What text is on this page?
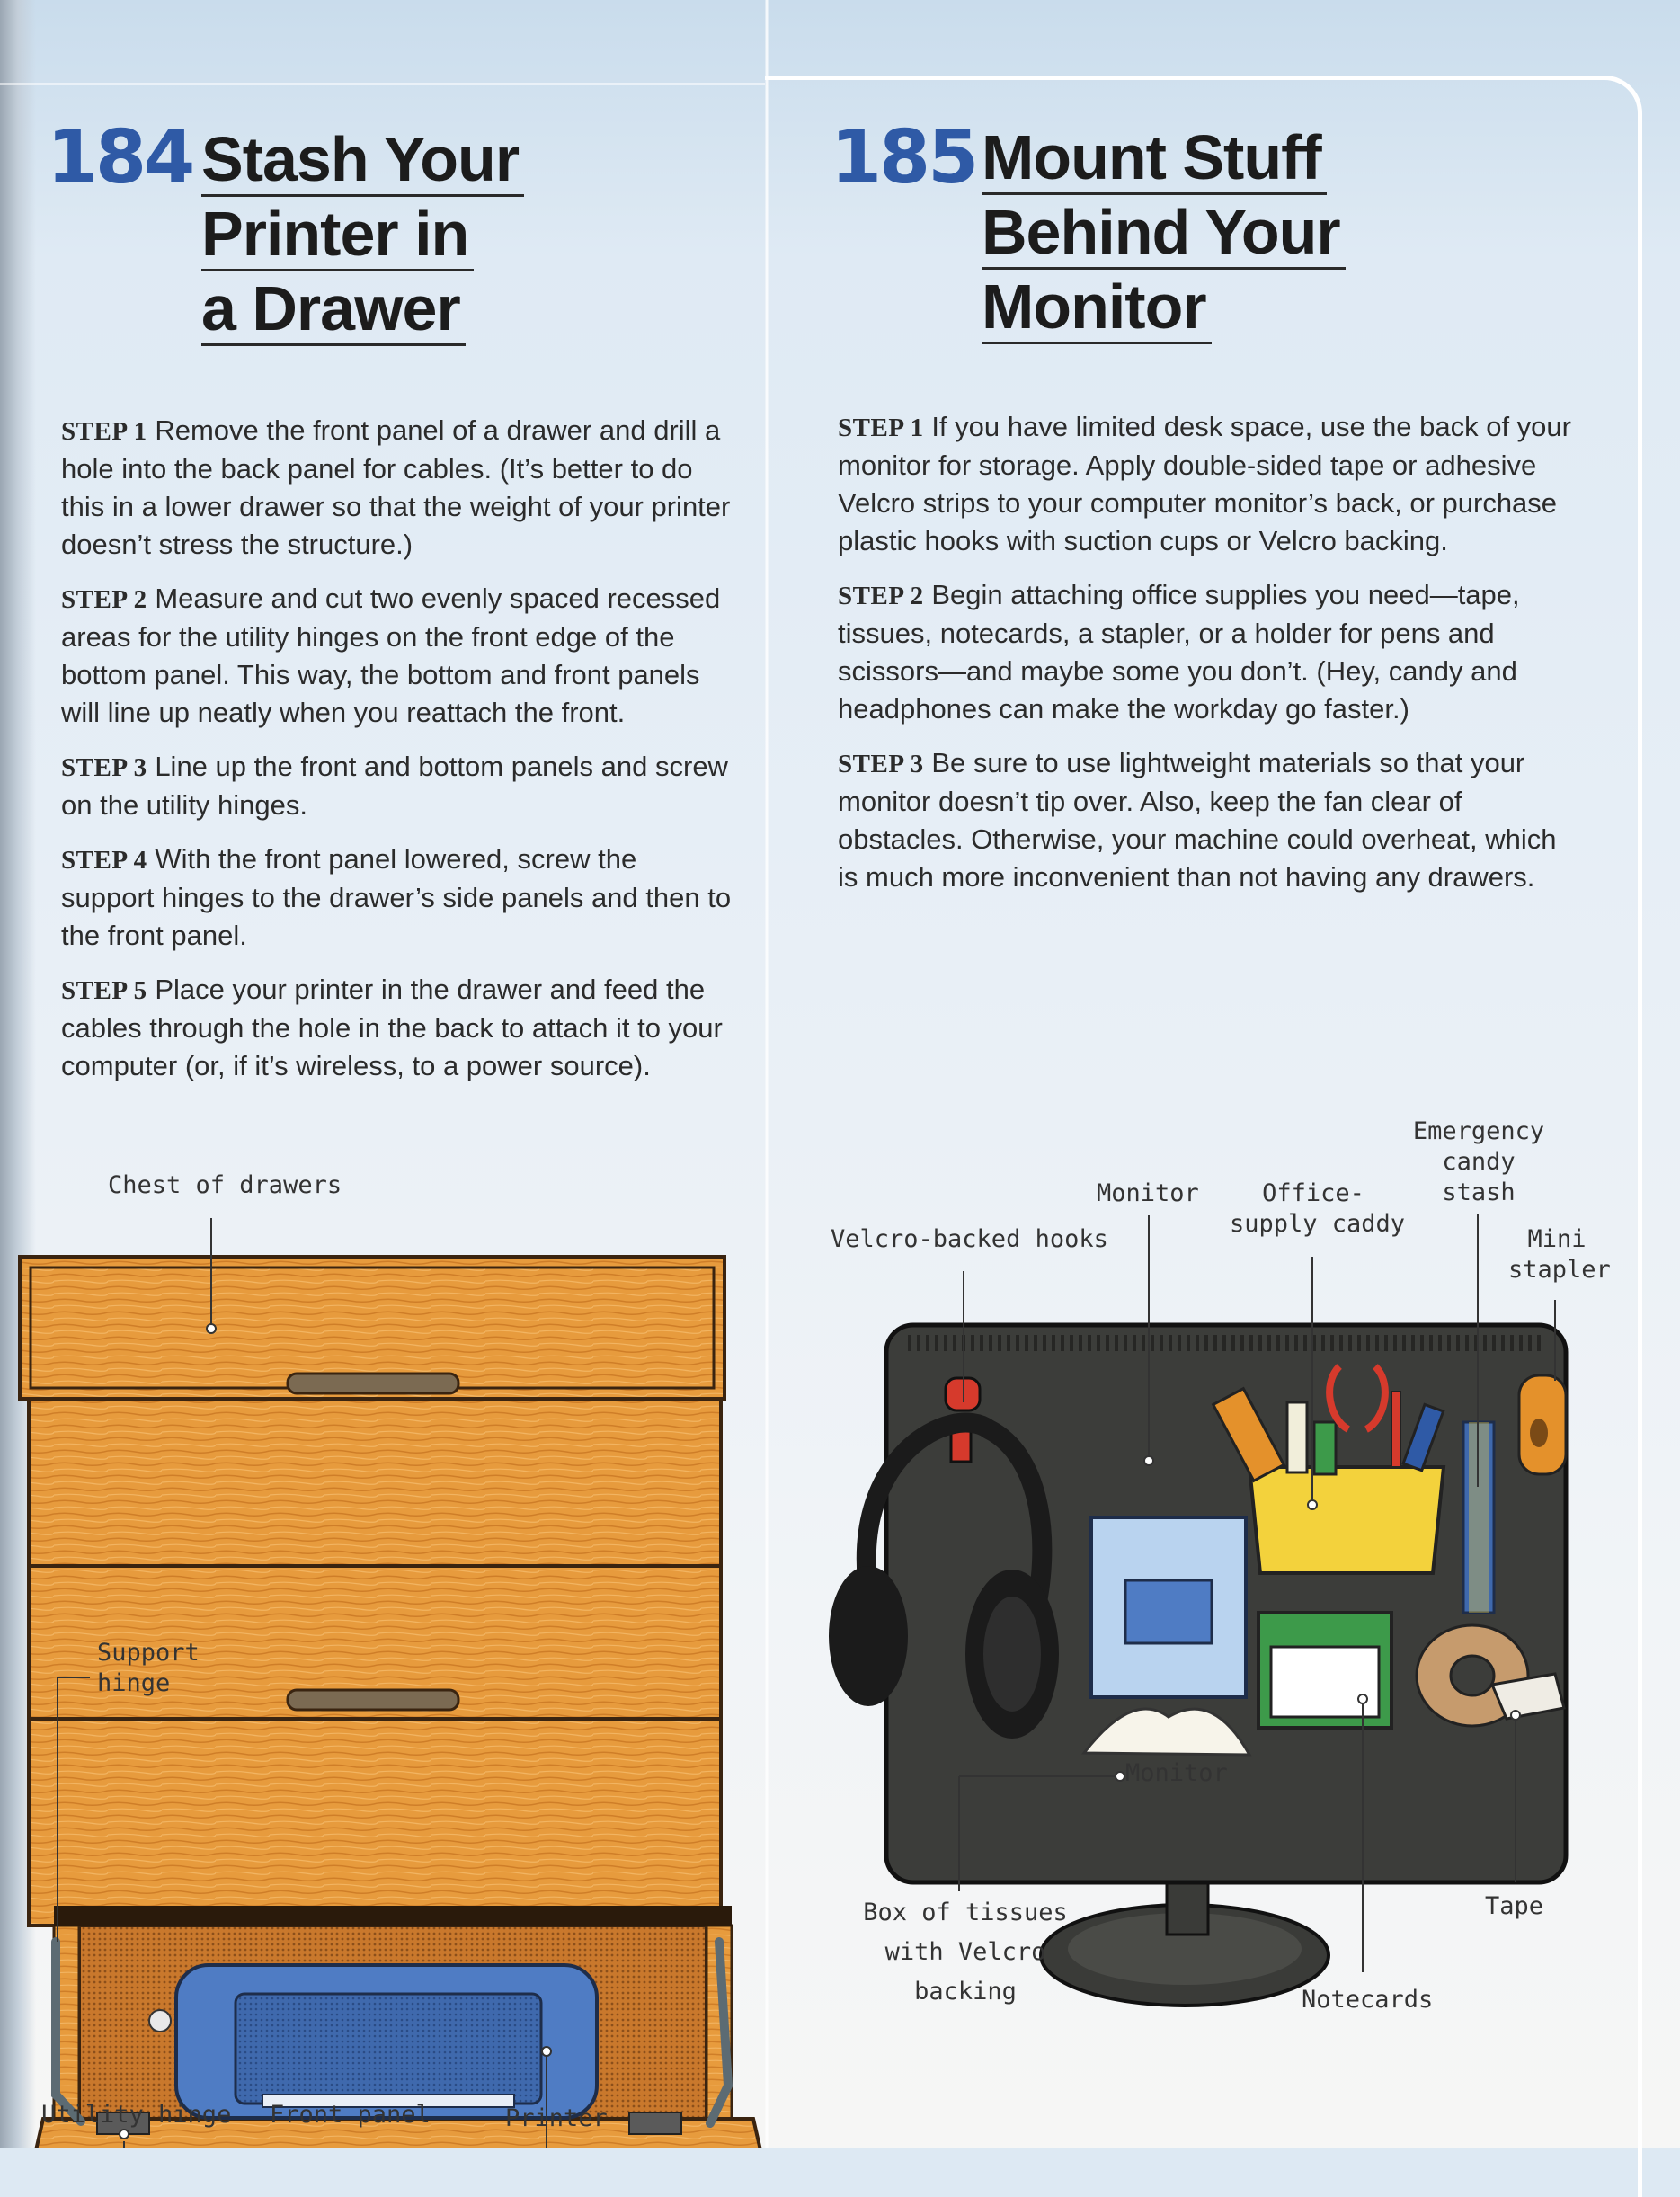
184 Stash Your
Printer in
a Drawer
STEP 1 Remove the front panel of a drawer and drill a hole into the back panel for cables. (It’s better to do this in a lower drawer so that the weight of your printer doesn’t stress the structure.)
STEP 2 Measure and cut two evenly spaced recessed areas for the utility hinges on the front edge of the bottom panel. This way, the bottom and front panels will line up neatly when you reattach the front.
STEP 3 Line up the front and bottom panels and screw on the utility hinges.
STEP 4 With the front panel lowered, screw the support hinges to the drawer’s side panels and then to the front panel.
STEP 5 Place your printer in the drawer and feed the cables through the hole in the back to attach it to your computer (or, if it’s wireless, to a power source).
185 Mount Stuff
Behind Your
Monitor
STEP 1 If you have limited desk space, use the back of your monitor for storage. Apply double-sided tape or adhesive Velcro strips to your computer monitor’s back, or purchase plastic hooks with suction cups or Velcro backing.
STEP 2 Begin attaching office supplies you need—tape, tissues, notecards, a stapler, or a holder for pens and scissors—and maybe some you don’t. (Hey, candy and headphones can make the workday go faster.)
STEP 3 Be sure to use lightweight materials so that your monitor doesn’t tip over. Also, keep the fan clear of obstacles. Otherwise, your machine could overheat, which is much more inconvenient than not having any drawers.
Chest of drawers
Support
hinge
Utility hinge Front panel	Printer
Velcro-backed hooks
Monitor	Office-
supply caddy
Emergency
candy
stash
Mini
stapler
Monitor
Box of tissues
with Velcro
backing
Tape
Notecards
